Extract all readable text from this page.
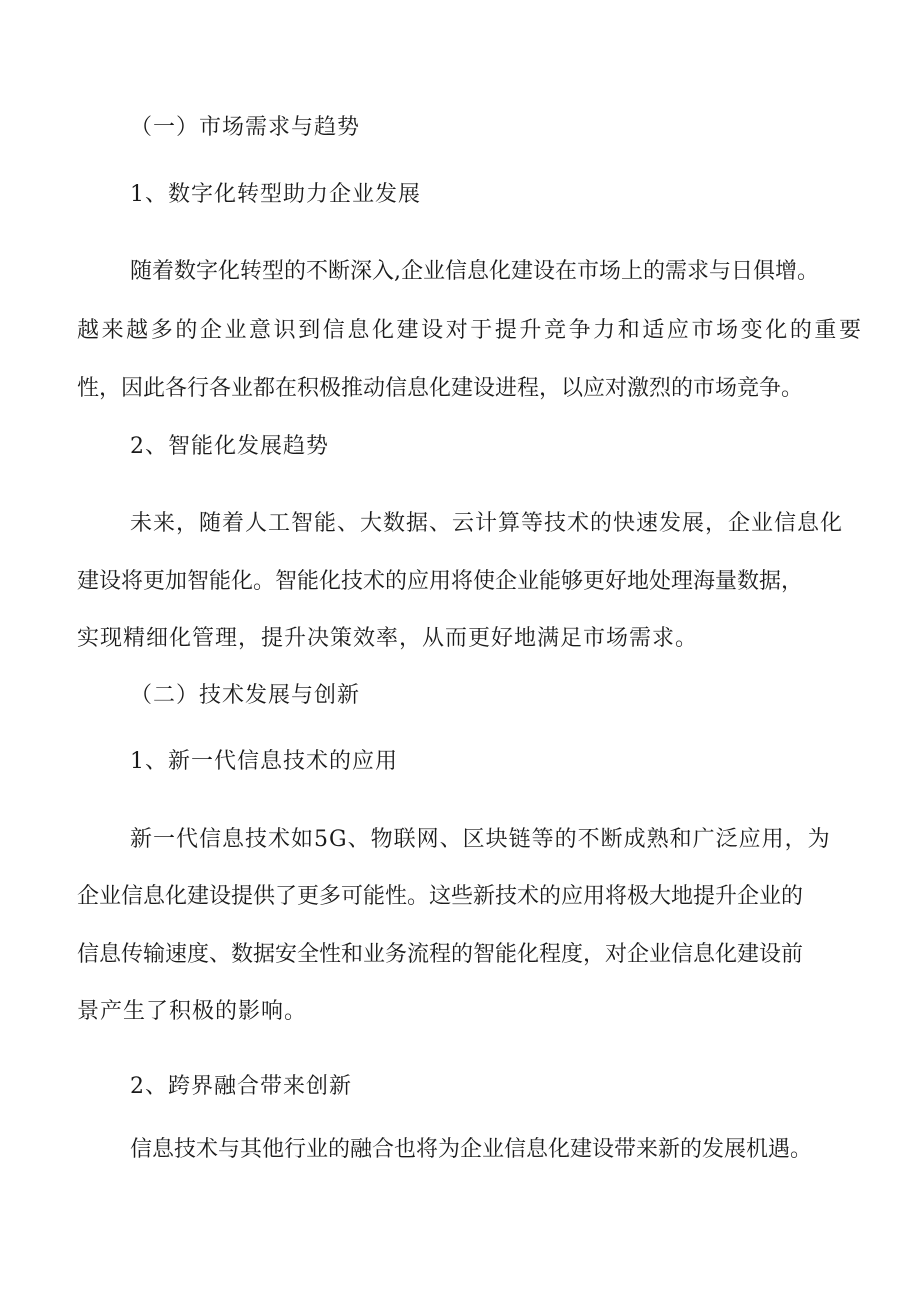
（一）市场需求与趋势
1、数字化转型助力企业发展
随着数字化转型的不断深入,企业信息化建设在市场上的需求与日俱增。
越来越多的企业意识到信息化建设对于提升竞争力和适应市场变化的重要
性，因此各行各业都在积极推动信息化建设进程，以应对激烈的市场竞争。
2、智能化发展趋势
未来，随着人工智能、大数据、云计算等技术的快速发展，企业信息化
建设将更加智能化。智能化技术的应用将使企业能够更好地处理海量数据，
实现精细化管理，提升决策效率，从而更好地满足市场需求。
（二）技术发展与创新
1、新一代信息技术的应用
新一代信息技术如5G、物联网、区块链等的不断成熟和广泛应用，为
企业信息化建设提供了更多可能性。这些新技术的应用将极大地提升企业的
信息传输速度、数据安全性和业务流程的智能化程度，对企业信息化建设前
景产生了积极的影响。
2、跨界融合带来创新
信息技术与其他行业的融合也将为企业信息化建设带来新的发展机遇。
